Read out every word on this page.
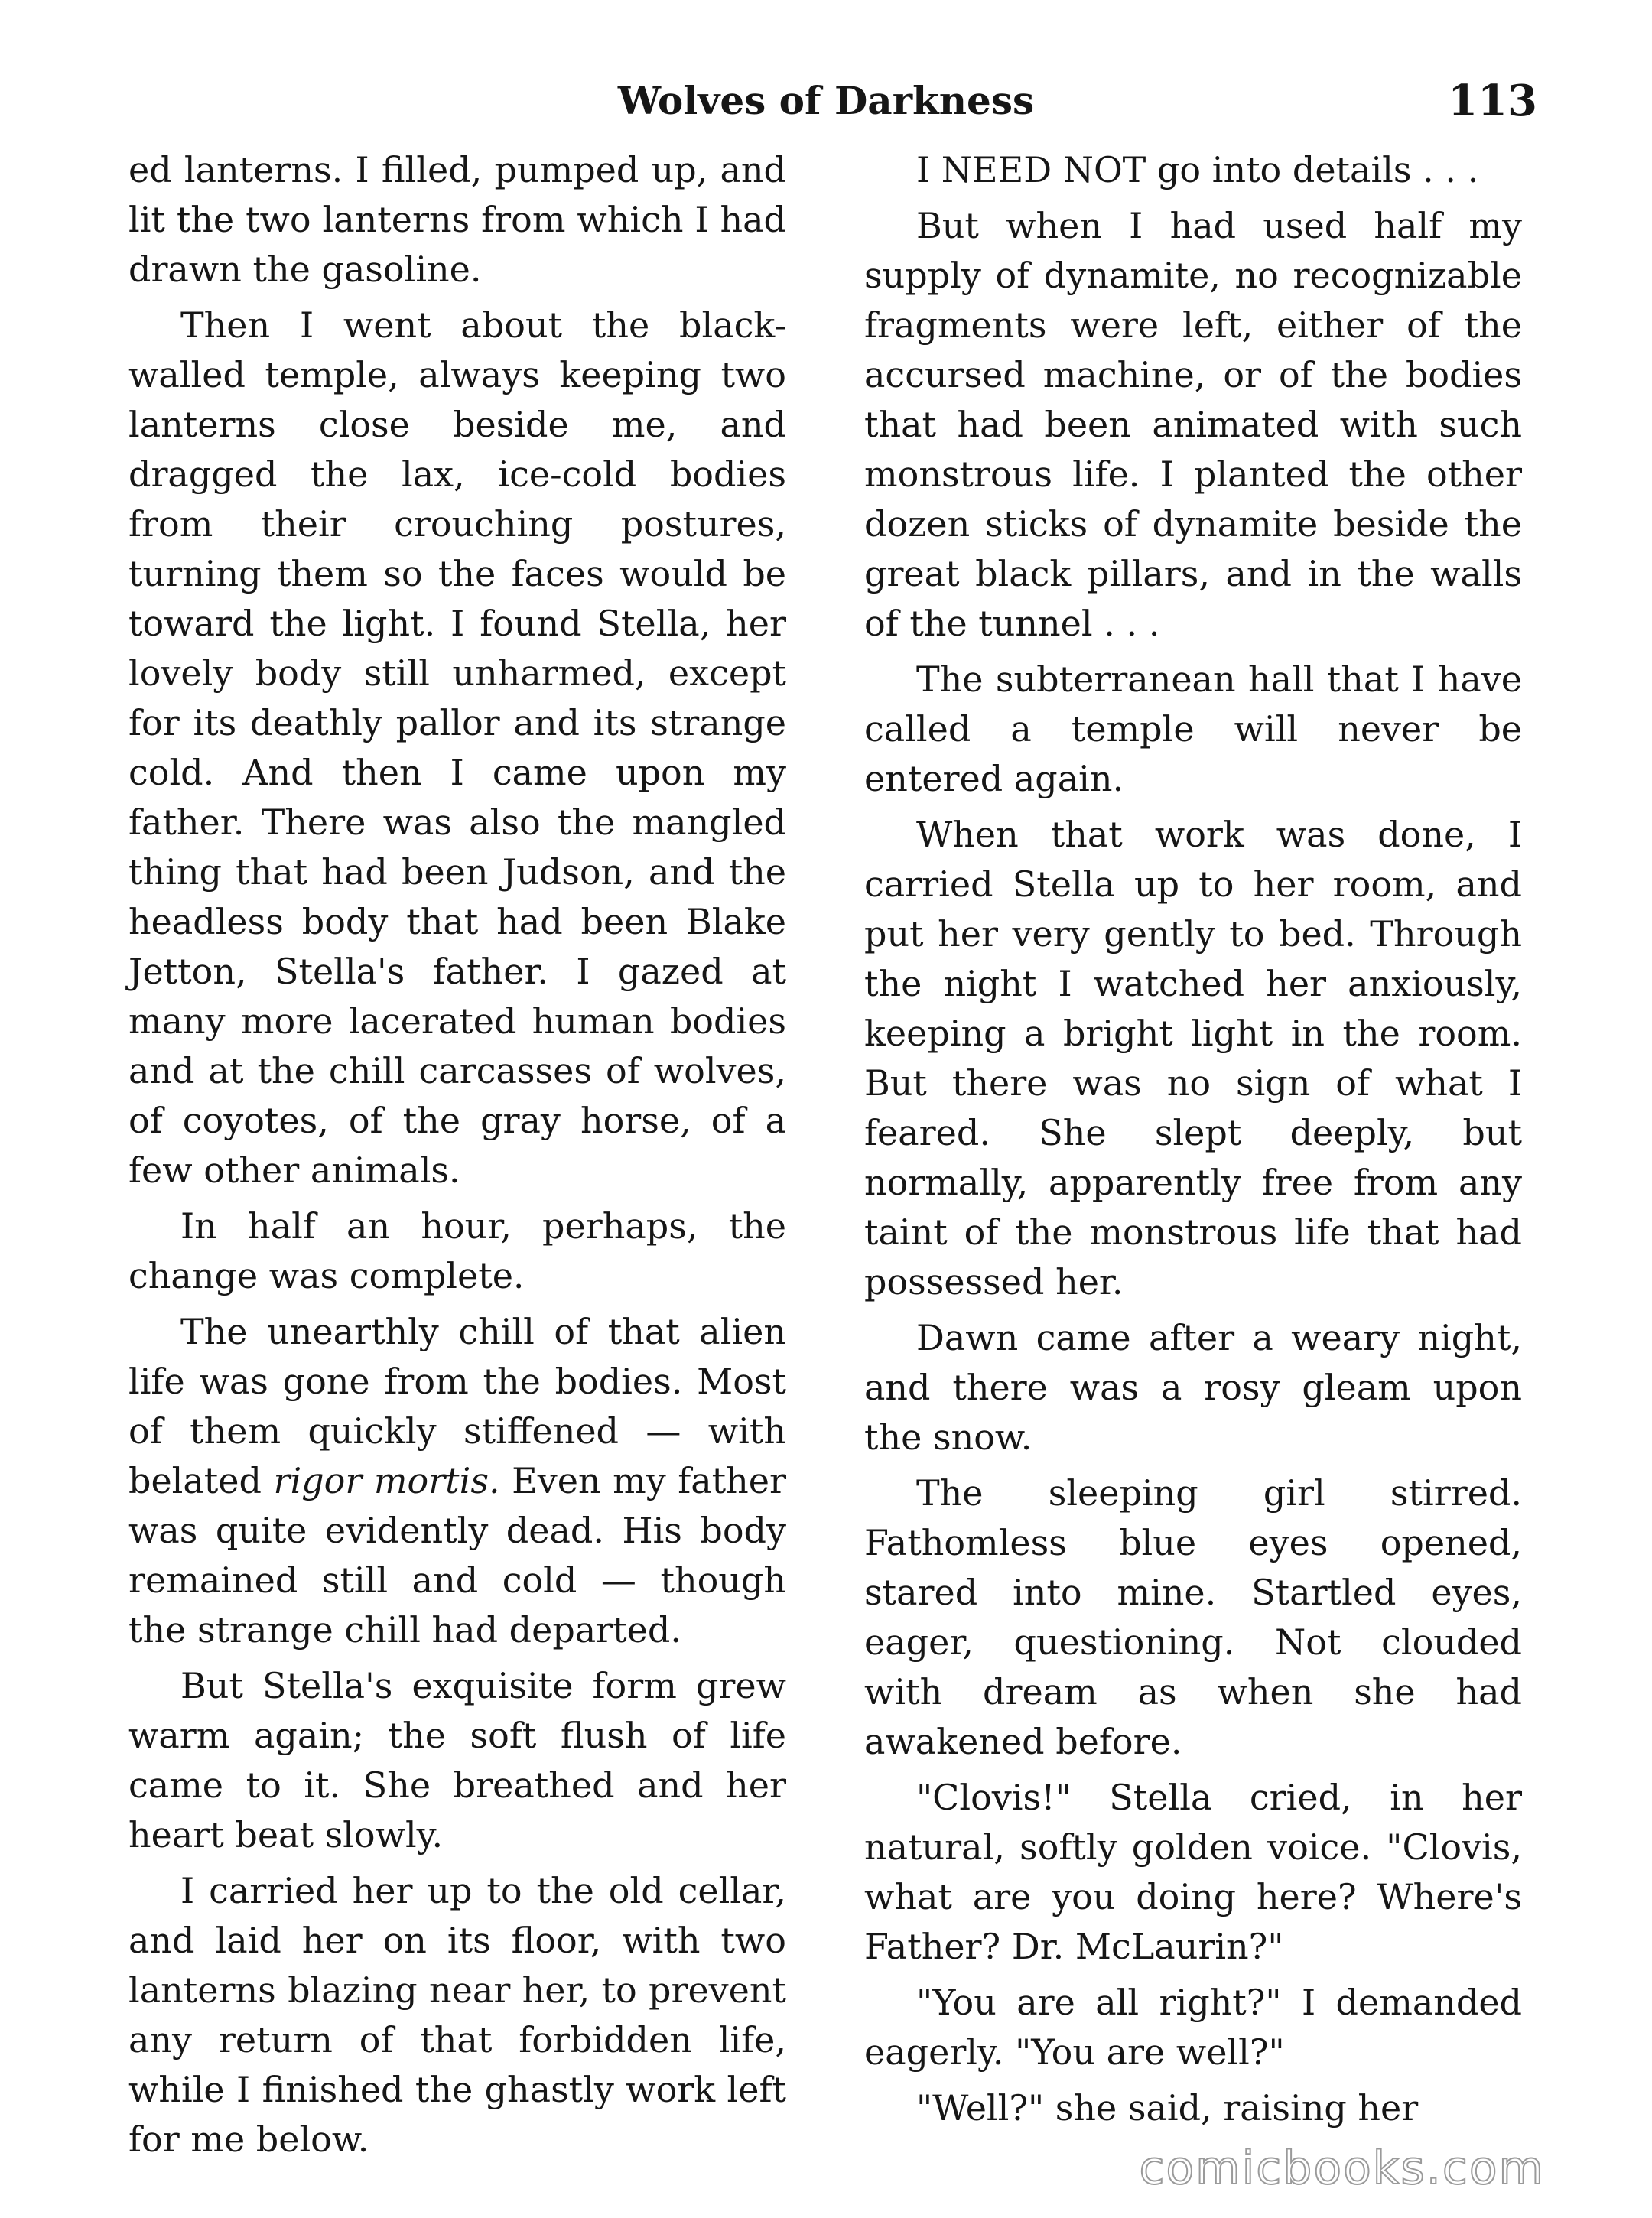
Wolves of Darkness	113

ed lanterns. I filled, pumped up, and lit the two lanterns from which I had drawn the gasoline.

Then I went about the black-walled temple, always keeping two lanterns close beside me, and dragged the lax, ice-cold bodies from their crouching postures, turning them so the faces would be toward the light. I found Stella, her lovely body still unharmed, except for its deathly pallor and its strange cold. And then I came upon my father. There was also the mangled thing that had been Judson, and the headless body that had been Blake Jetton, Stella's father. I gazed at many more lacerated human bodies and at the chill carcasses of wolves, of coyotes, of the gray horse, of a few other animals.

In half an hour, perhaps, the change was complete.

The unearthly chill of that alien life was gone from the bodies. Most of them quickly stiffened — with belated rigor mortis. Even my father was quite evidently dead. His body remained still and cold — though the strange chill had departed.

But Stella's exquisite form grew warm again; the soft flush of life came to it. She breathed and her heart beat slowly.

I carried her up to the old cellar, and laid her on its floor, with two lanterns blazing near her, to prevent any return of that forbidden life, while I finished the ghastly work left for me below.

I NEED NOT go into details . . .

But when I had used half my supply of dynamite, no recognizable fragments were left, either of the accursed machine, or of the bodies that had been animated with such monstrous life. I planted the other dozen sticks of dynamite beside the great black pillars, and in the walls of the tunnel . . .

The subterranean hall that I have called a temple will never be entered again.

When that work was done, I carried Stella up to her room, and put her very gently to bed. Through the night I watched her anxiously, keeping a bright light in the room. But there was no sign of what I feared. She slept deeply, but normally, apparently free from any taint of the monstrous life that had possessed her.

Dawn came after a weary night, and there was a rosy gleam upon the snow.

The sleeping girl stirred. Fathomless blue eyes opened, stared into mine. Startled eyes, eager, questioning. Not clouded with dream as when she had awakened before.

"Clovis!" Stella cried, in her natural, softly golden voice. "Clovis, what are you doing here? Where's Father? Dr. McLaurin?"

"You are all right?" I demanded eagerly. "You are well?"

"Well?" she said, raising her

comicbooks.com
